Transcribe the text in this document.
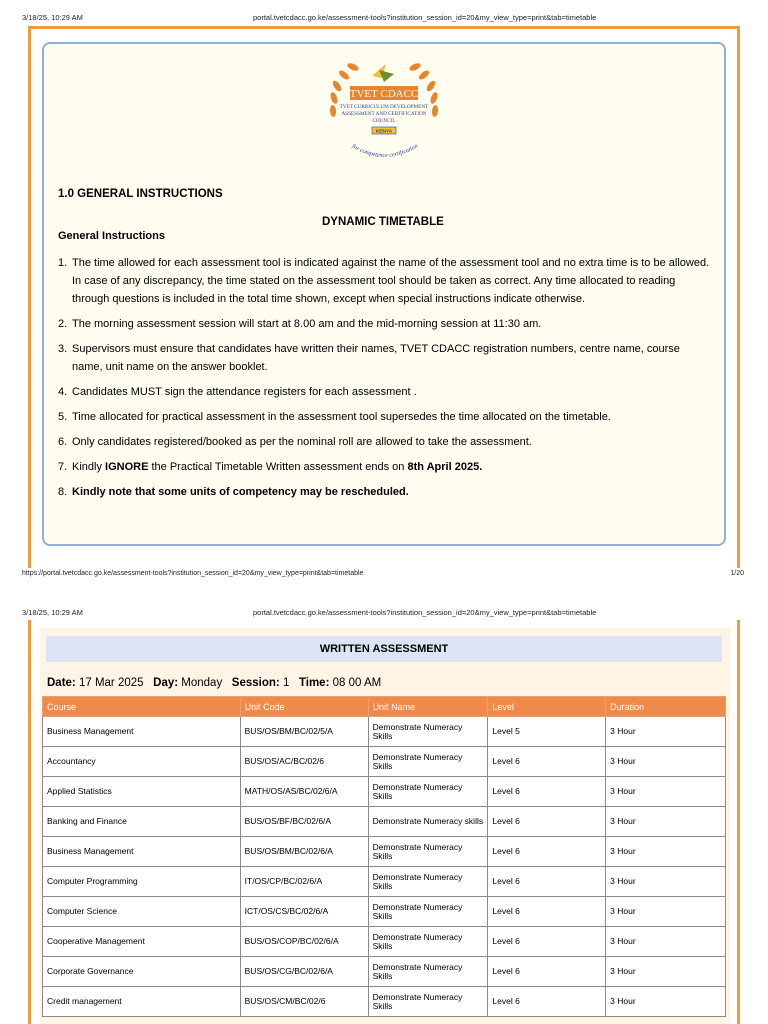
3/18/25, 10:29 AM	portal.tvetcdacc.go.ke/assessment-tools?institution_session_id=20&my_view_type=print&tab=timetable
TVET CDACC
TVET CURRICULUM DEVELOPMENT
ASSESSMENT AND CERTIFICATION
COUNCIL
KENYA
for competence certification
1.0 GENERAL INSTRUCTIONS
DYNAMIC TIMETABLE
General Instructions
1. The time allowed for each assessment tool is indicated against the name of the assessment tool and no extra time is to be allowed. In case of any discrepancy, the time stated on the assessment tool should be taken as correct. Any time allocated to reading through questions is included in the total time shown, except when special instructions indicate otherwise.
2. The morning assessment session will start at 8.00 am and the mid-morning session at 11:30 am.
3. Supervisors must ensure that candidates have written their names, TVET CDACC registration numbers, centre name, course name, unit name on the answer booklet.
4. Candidates MUST sign the attendance registers for each assessment .
5. Time allocated for practical assessment in the assessment tool supersedes the time allocated on the timetable.
6. Only candidates registered/booked as per the nominal roll are allowed to take the assessment.
7. Kindly IGNORE the Practical Timetable Written assessment ends on 8th April 2025.
8. Kindly note that some units of competency may be rescheduled.
https://portal.tvetcdacc.go.ke/assessment-tools?institution_session_id=20&my_view_type=print&tab=timetable	1/20
3/18/25, 10:29 AM	portal.tvetcdacc.go.ke/assessment-tools?institution_session_id=20&my_view_type=print&tab=timetable
WRITTEN ASSESSMENT
Date: 17 Mar 2025 Day: Monday Session: 1 Time: 08 00 AM
Course	Unit Code	Unit Name	Level	Duration
Business Management	BUS/OS/BM/BC/02/5/A	Demonstrate Numeracy Skills	Level 5	3 Hour
Accountancy	BUS/OS/AC/BC/02/6	Demonstrate Numeracy Skills	Level 6	3 Hour
Applied Statistics	MATH/OS/AS/BC/02/6/A	Demonstrate Numeracy Skills	Level 6	3 Hour
Banking and Finance	BUS/OS/BF/BC/02/6/A	Demonstrate Numeracy skills	Level 6	3 Hour
Business Management	BUS/OS/BM/BC/02/6/A	Demonstrate Numeracy Skills	Level 6	3 Hour
Computer Programming	IT/OS/CP/BC/02/6/A	Demonstrate Numeracy Skills	Level 6	3 Hour
Computer Science	ICT/OS/CS/BC/02/6/A	Demonstrate Numeracy Skills	Level 6	3 Hour
Cooperative Management	BUS/OS/COP/BC/02/6/A	Demonstrate Numeracy Skills	Level 6	3 Hour
Corporate Governance	BUS/OS/CG/BC/02/6/A	Demonstrate Numeracy Skills	Level 6	3 Hour
Credit management	BUS/OS/CM/BC/02/6	Demonstrate Numeracy Skills	Level 6	3 Hour
